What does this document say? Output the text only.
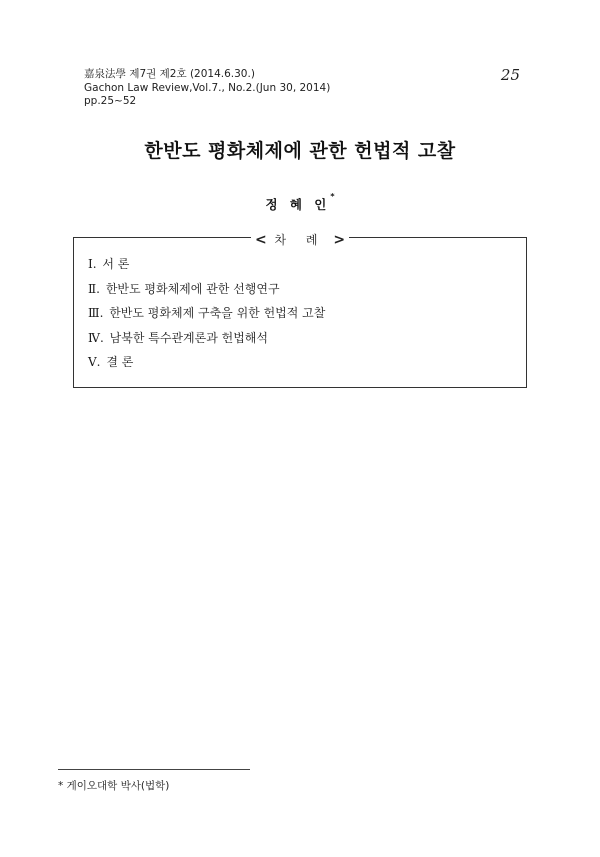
嘉泉法學 제7권 제2호 (2014.6.30.)
Gachon Law Review,Vol.7., No.2.(Jun 30, 2014)
pp.25~52
25
한반도 평화체제에 관한 헌법적 고찰
정 혜 인*
< 차 례 >
Ⅰ. 서 론
Ⅱ. 한반도 평화체제에 관한 선행연구
Ⅲ. 한반도 평화체제 구축을 위한 헌법적 고찰
Ⅳ. 남북한 특수관계론과 헌법해석
Ⅴ. 결 론
* 게이오대학 박사(법학)
